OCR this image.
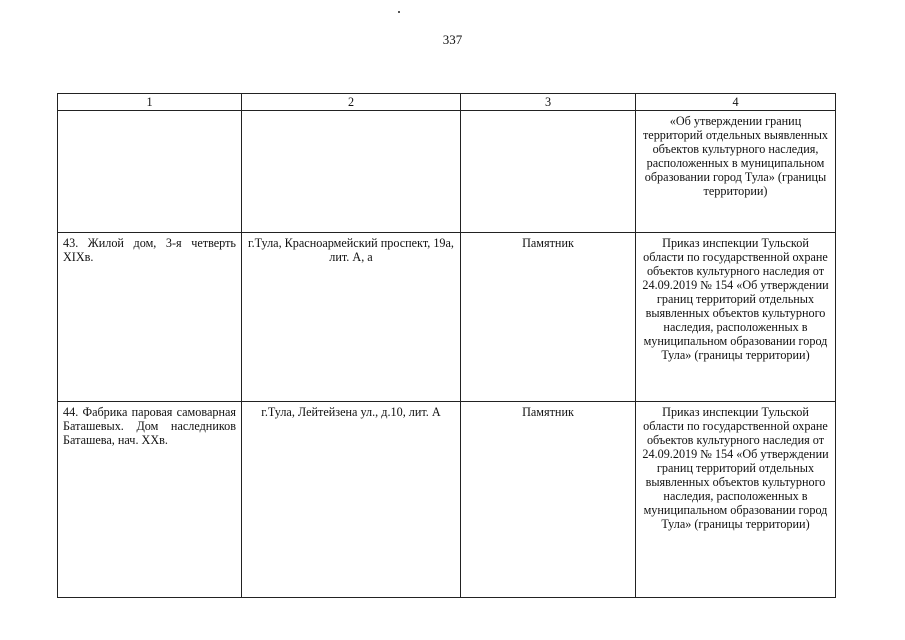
337
1	2	3	4
			«Об утверждении границ территорий отдельных выявленных объектов культурного наследия, расположенных в муниципальном образовании город Тула» (границы территории)
43. Жилой дом, 3-я четверть XIXв.	г.Тула, Красноармейский проспект, 19а, лит. А, а	Памятник	Приказ инспекции Тульской области по государственной охране объектов культурного наследия от 24.09.2019 № 154 «Об утверждении границ территорий отдельных выявленных объектов культурного наследия, расположенных в муниципальном образовании город Тула» (границы территории)
44. Фабрика паровая самоварная Баташевых. Дом наследников Баташева, нач. XXв.	г.Тула, Лейтейзена ул., д.10, лит. А	Памятник	Приказ инспекции Тульской области по государственной охране объектов культурного наследия от 24.09.2019 № 154 «Об утверждении границ территорий отдельных выявленных объектов культурного наследия, расположенных в муниципальном образовании город Тула» (границы территории)
